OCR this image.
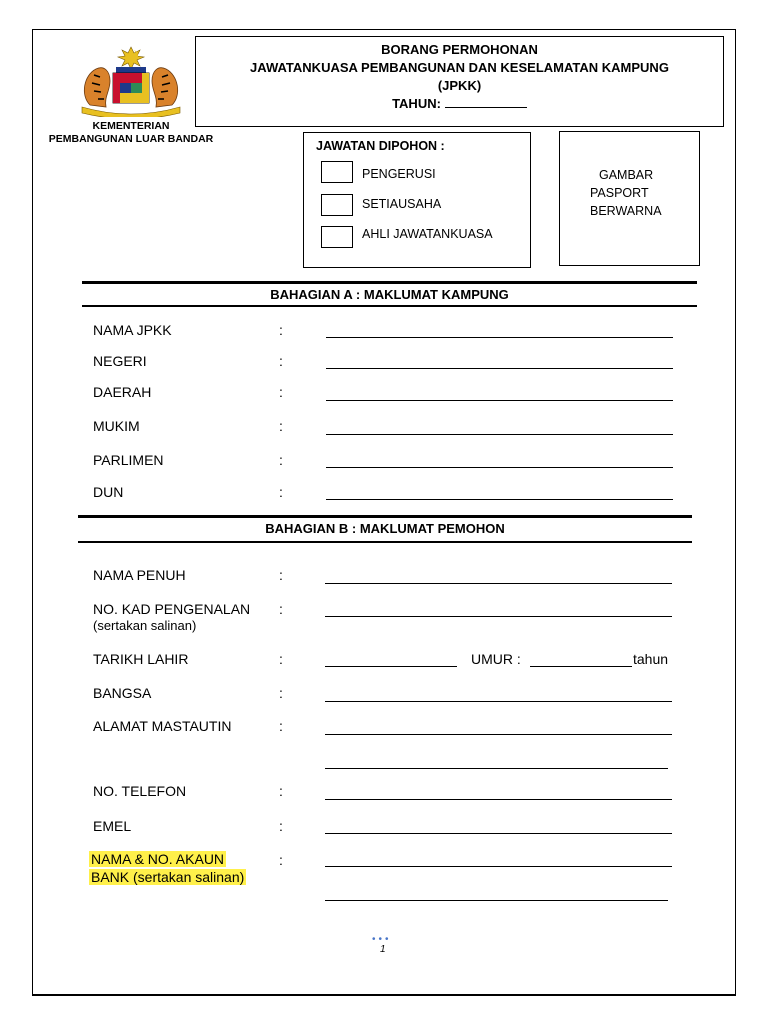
KEMENTERIAN
PEMBANGUNAN LUAR BANDAR
BORANG PERMOHONAN
JAWATANKUASA PEMBANGUNAN DAN KESELAMATAN KAMPUNG
(JPKK)
TAHUN:
JAWATAN DIPOHON :
PENGERUSI
SETIAUSAHA
AHLI JAWATANKUASA
GAMBAR
PASPORT
BERWARNA
BAHAGIAN A : MAKLUMAT KAMPUNG
NAMA JPKK	:
NEGERI	:
DAERAH	:
MUKIM	:
PARLIMEN	:
DUN	:
BAHAGIAN B : MAKLUMAT PEMOHON
NAMA PENUH	:
NO. KAD PENGENALAN
(sertakan salinan)
:
TARIKH LAHIR	:	UMUR :	tahun
BANGSA	:
ALAMAT MASTAUTIN	:
NO. TELEFON	:
EMEL	:
NAMA & NO. AKAUN
BANK (sertakan salinan)
:
•••
1
